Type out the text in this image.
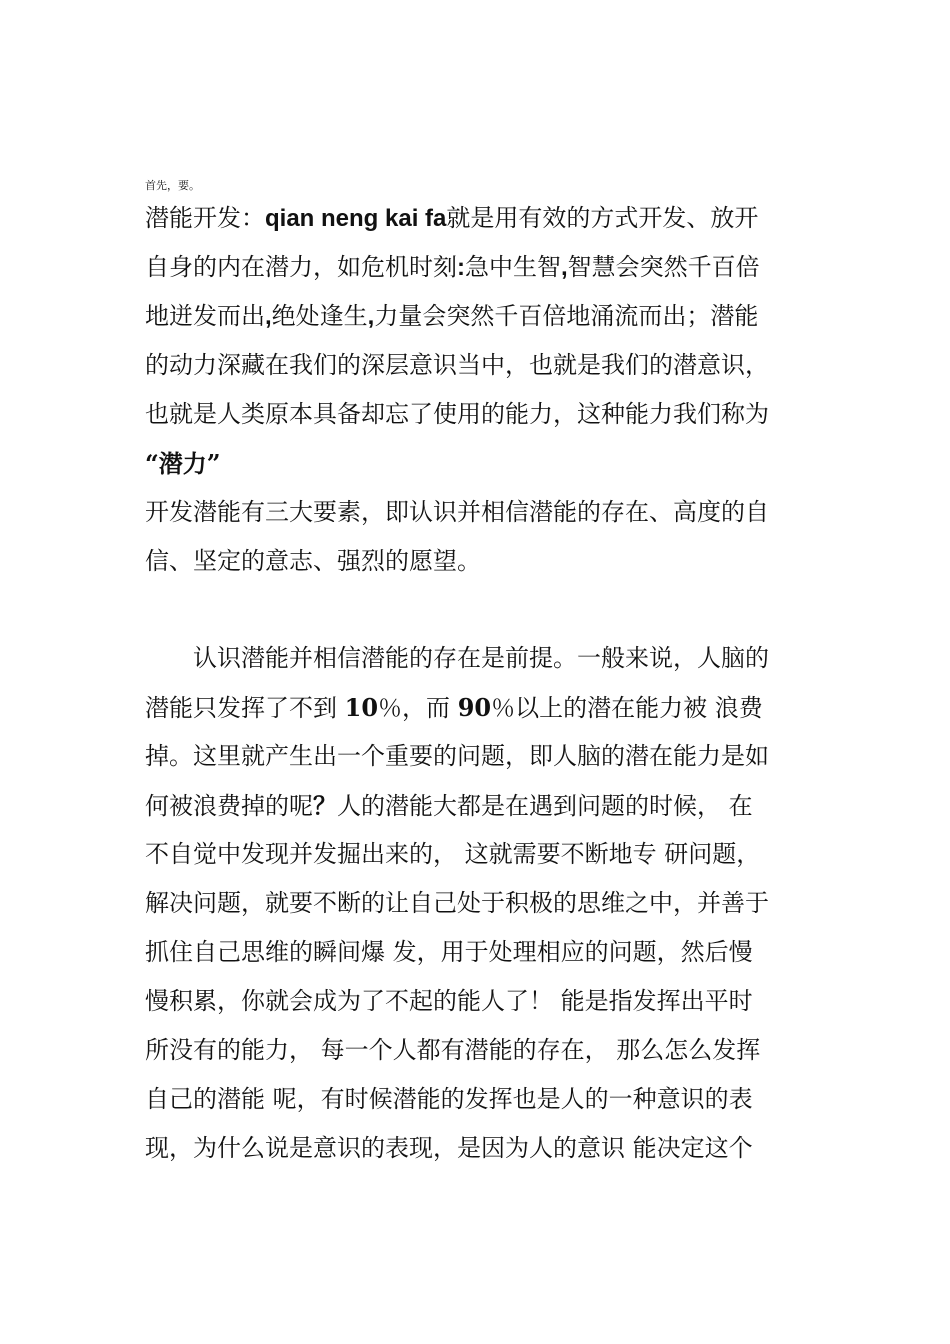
首先，要。

潜能开发：qian neng kai fa就是用有效的方式开发、放开

自身的内在潜力，如危机时刻:急中生智,智慧会突然千百倍

地迸发而出,绝处逢生,力量会突然千百倍地涌流而出；潜能

的动力深藏在我们的深层意识当中，也就是我们的潜意识，

也就是人类原本具备却忘了使用的能力，这种能力我们称为

“潜力”

开发潜能有三大要素，即认识并相信潜能的存在、高度的自

信、坚定的意志、强烈的愿望。

　　认识潜能并相信潜能的存在是前提。一般来说，人脑的

潜能只发挥了不到 10％，而 90％以上的潜在能力被 浪费

掉。这里就产生出一个重要的问题，即人脑的潜在能力是如

何被浪费掉的呢？人的潜能大都是在遇到问题的时候， 在

不自觉中发现并发掘出来的， 这就需要不断地专 研问题，

解决问题，就要不断的让自己处于积极的思维之中，并善于

抓住自己思维的瞬间爆 发，用于处理相应的问题，然后慢

慢积累，你就会成为了不起的能人了！ 能是指发挥出平时

所没有的能力， 每一个人都有潜能的存在， 那么怎么发挥

自己的潜能 呢，有时候潜能的发挥也是人的一种意识的表

现，为什么说是意识的表现，是因为人的意识 能决定这个
